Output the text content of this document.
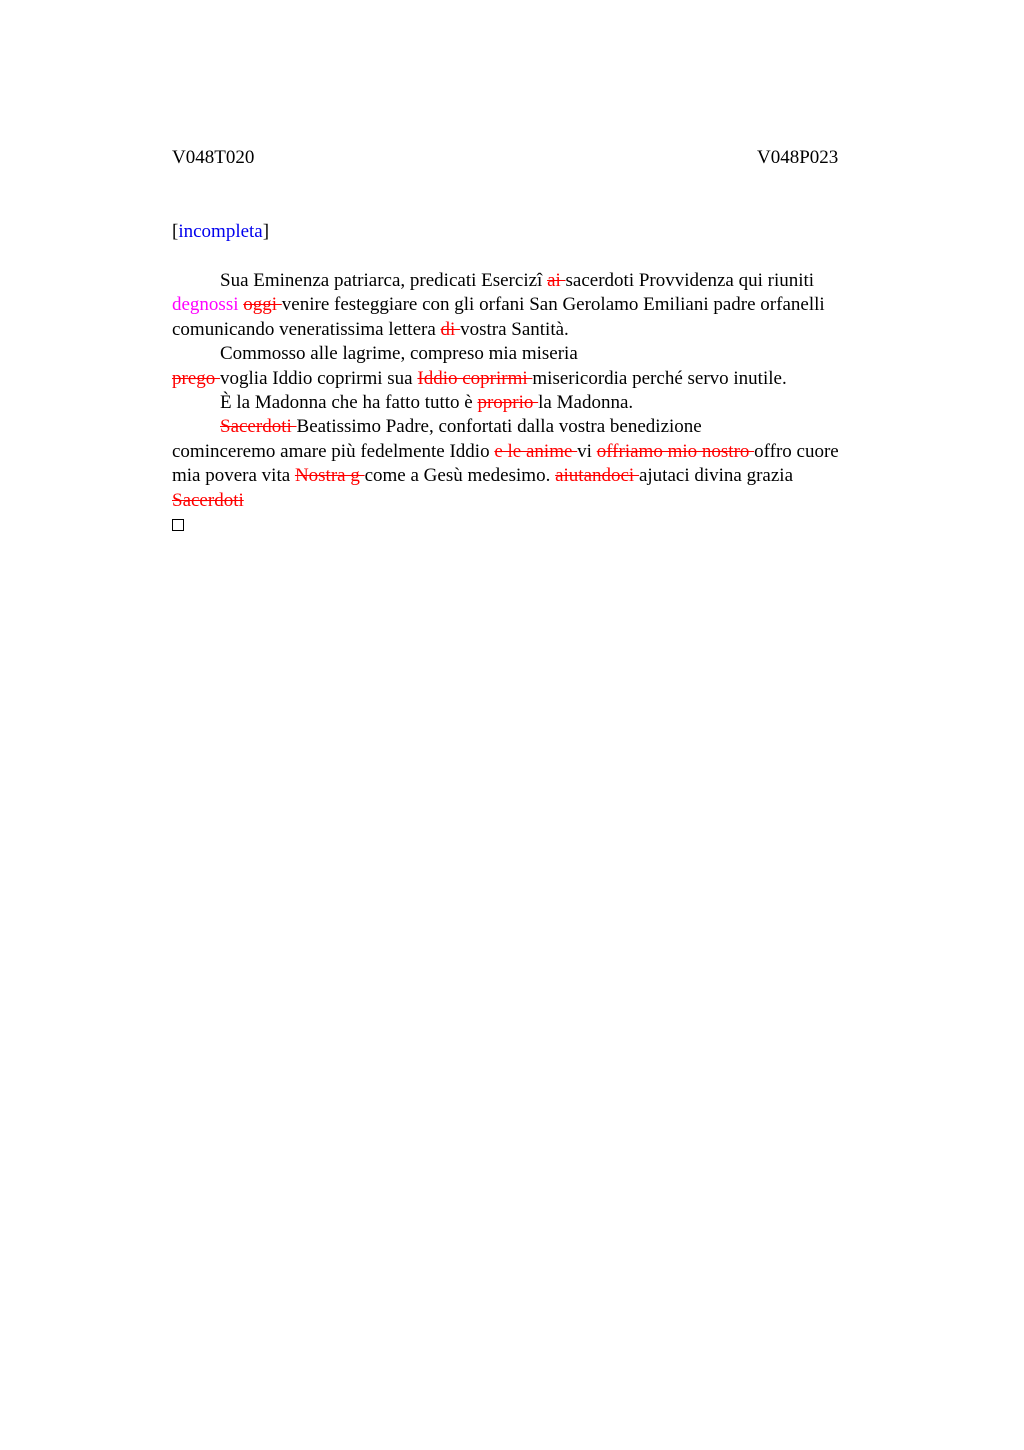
V048T020	V048P023
[incompleta]
Sua Eminenza patriarca, predicati Esercizî ai sacerdoti Provvidenza qui riuniti
degnossi oggi venire festeggiare con gli orfani San Gerolamo Emiliani padre orfanelli
comunicando veneratissima lettera di vostra Santità.
Commosso alle lagrime, compreso mia miseria
prego voglia Iddio coprirmi sua Iddio coprirmi misericordia perché servo inutile.
È la Madonna che ha fatto tutto è proprio la Madonna.
Sacerdoti Beatissimo Padre, confortati dalla vostra benedizione
cominceremo amare più fedelmente Iddio e le anime vi offriamo mio nostro offro cuore
mia povera vita Nostra g come a Gesù medesimo. aiutandoci ajutaci divina grazia
Sacerdoti
